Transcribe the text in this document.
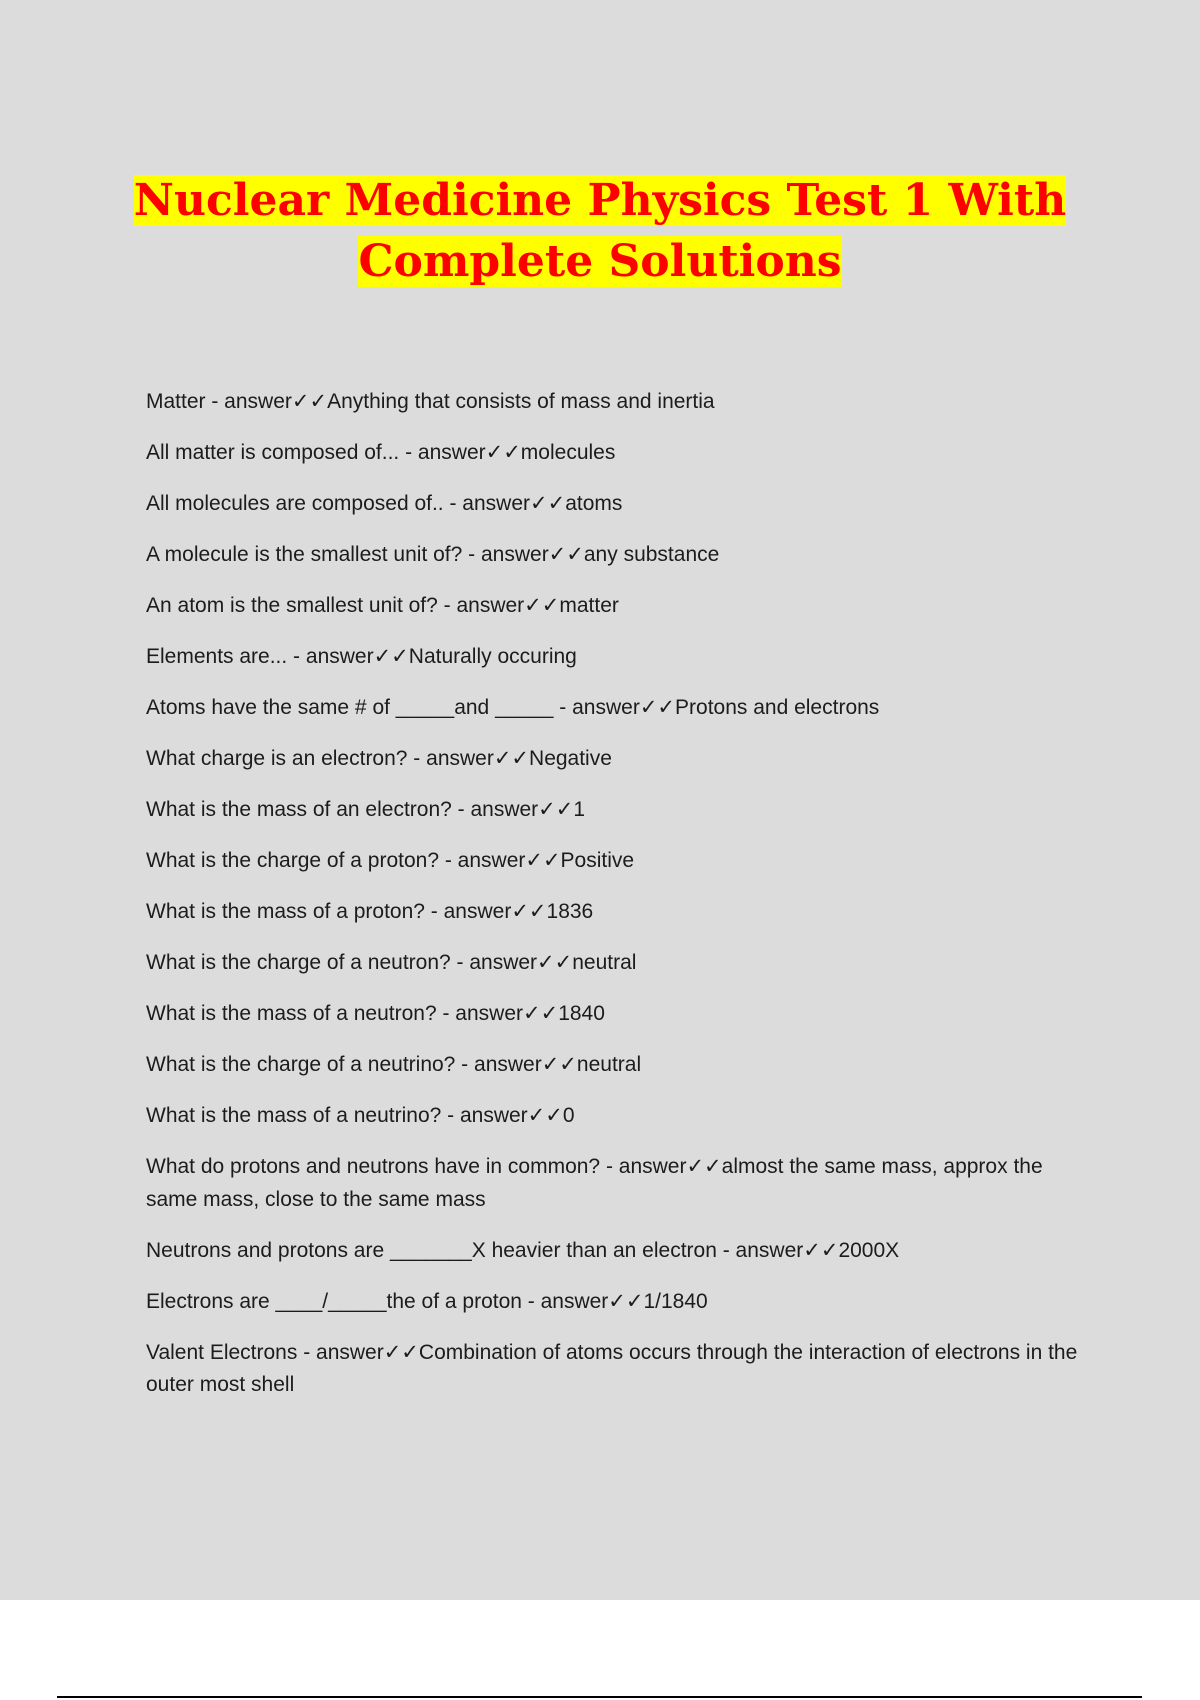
Nuclear Medicine Physics Test 1 With
Complete Solutions

Matter - answer✓✓Anything that consists of mass and inertia

All matter is composed of... - answer✓✓molecules

All molecules are composed of.. - answer✓✓atoms

A molecule is the smallest unit of? - answer✓✓any substance

An atom is the smallest unit of? - answer✓✓matter

Elements are... - answer✓✓Naturally occuring

Atoms have the same # of _____and _____ - answer✓✓Protons and electrons

What charge is an electron? - answer✓✓Negative

What is the mass of an electron? - answer✓✓1

What is the charge of a proton? - answer✓✓Positive

What is the mass of a proton? - answer✓✓1836

What is the charge of a neutron? - answer✓✓neutral

What is the mass of a neutron? - answer✓✓1840

What is the charge of a neutrino? - answer✓✓neutral

What is the mass of a neutrino? - answer✓✓0

What do protons and neutrons have in common? - answer✓✓almost the same mass, approx the same mass, close to the same mass

Neutrons and protons are _______X heavier than an electron - answer✓✓2000X

Electrons are ____/_____the of a proton - answer✓✓1/1840

Valent Electrons - answer✓✓Combination of atoms occurs through the interaction of electrons in the outer most shell
